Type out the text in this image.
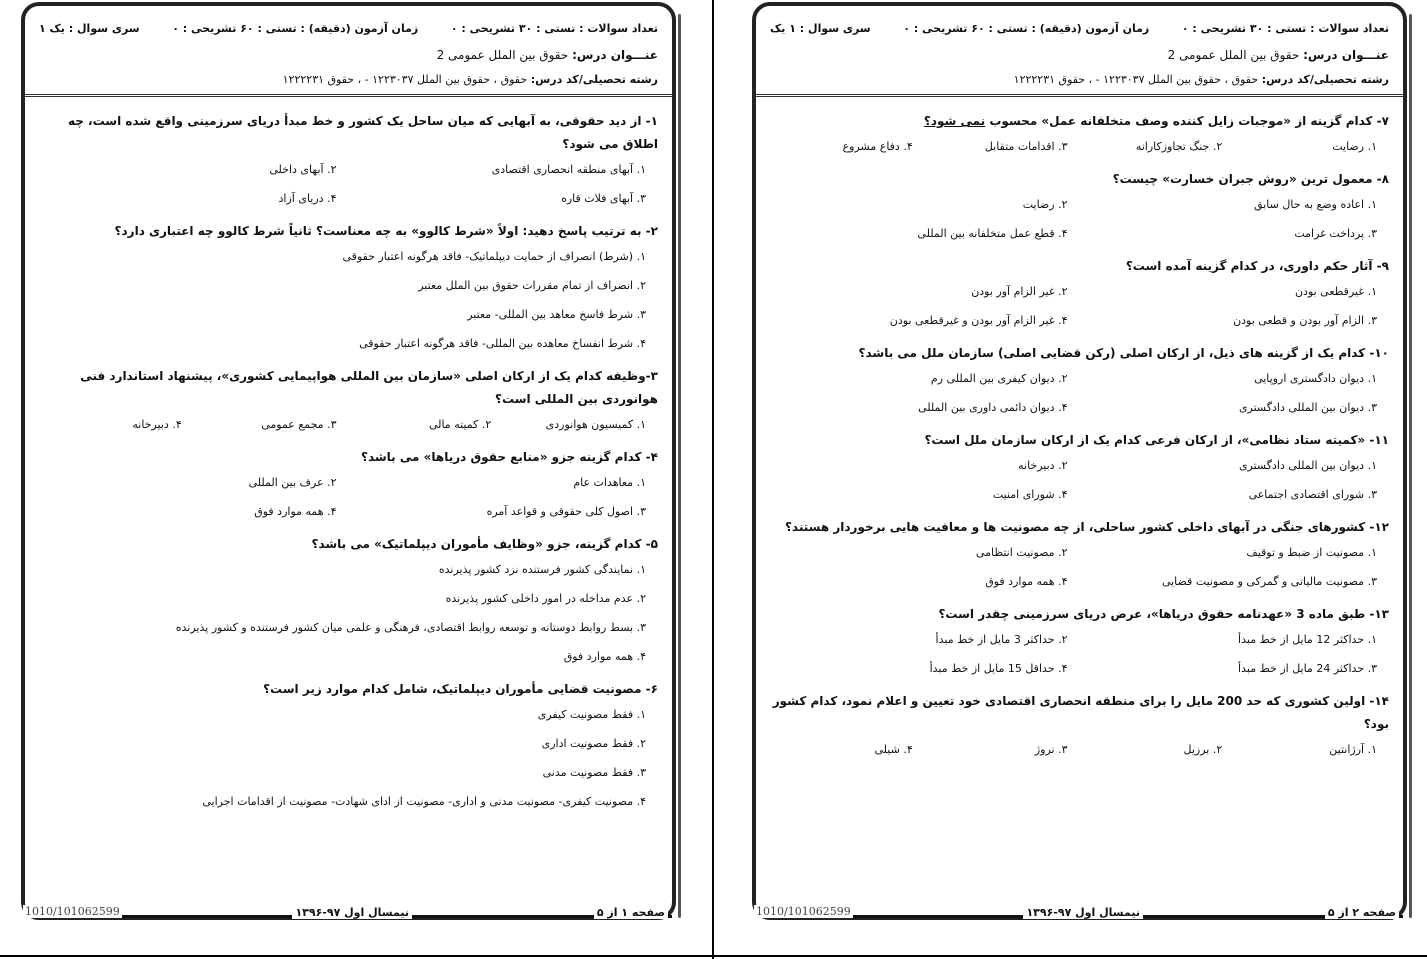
تعداد سوالات : تستی : ۳۰ تشریحی : ۰
زمان آزمون (دقیقه) : تستی : ۶۰ تشریحی : ۰
سری سوال : یک ۱
عنـــوان درس: حقوق بین الملل عمومی 2
رشته تحصیلی/کد درس: حقوق ، حقوق بین الملل ۱۲۲۳۰۳۷ - ، حقوق ۱۲۲۲۲۳۱
۱- از دید حقوقی، به آبهایی که میان ساحل یک کشور و خط مبدأ دریای سرزمینی واقع شده است، چه اطلاق می شود؟
۱. آبهای منطقه انحصاری اقتصادی
۲. آبهای داخلی
۳. آبهای فلات قاره
۴. دریای آزاد
۲- به ترتیب پاسخ دهید: اولاً «شرط کالوو» به چه معناست؟ ثانیاً شرط کالوو چه اعتباری دارد؟
۱. (شرط) انصراف از حمایت دیپلماتیک- فاقد هرگونه اعتبار حقوقی
۲. انصراف از تمام مقررات حقوق بین الملل معتبر
۳. شرط فاسخ معاهد بین المللی- معتبر
۴. شرط انفساخ معاهده بین المللی- فاقد هرگونه اعتبار حقوقی
۳-وظیفه کدام یک از ارکان اصلی «سازمان بین المللی هواپیمایی کشوری»، پیشنهاد استاندارد فنی هوانوردی بین المللی است؟
۱. کمیسیون هوانوردی
۲. کمیته مالی
۳. مجمع عمومی
۴. دبیرخانه
۴- کدام گزینه جزو «منابع حقوق دریاها» می باشد؟
۱. معاهدات عام
۲. عرف بین المللی
۳. اصول کلی حقوقی و قواعد آمره
۴. همه موارد فوق
۵- کدام گزینه، جزو «وظایف مأموران دیپلماتیک» می باشد؟
۱. نمایندگی کشور فرستنده نزد کشور پذیرنده
۲. عدم مداخله در امور داخلی کشور پذیرنده
۳. بسط روابط دوستانه و توسعه روابط اقتصادی، فرهنگی و علمی میان کشور فرستنده و کشور پذیرنده
۴. همه موارد فوق
۶- مصونیت قضایی مأموران دیپلماتیک، شامل کدام موارد زیر است؟
۱. فقط مصونیت کیفری
۲. فقط مصونیت اداری
۳. فقط مصونیت مدنی
۴. مصونیت کیفری- مصونیت مدنی و اداری- مصونیت از ادای شهادت- مصونیت از اقدامات اجرایی
صفحه ۱ از ۵
نیمسال اول ۹۷-۱۳۹۶
1010/101062599
تعداد سوالات : تستی : ۳۰ تشریحی : ۰
زمان آزمون (دقیقه) : تستی : ۶۰ تشریحی : ۰
سری سوال : ۱ یک
عنـــوان درس: حقوق بین الملل عمومی 2
رشته تحصیلی/کد درس: حقوق ، حقوق بین الملل ۱۲۲۳۰۳۷ - ، حقوق ۱۲۲۲۲۳۱
۷- کدام گزینه از «موجبات زایل کننده وصف متخلفانه عمل» محسوب نمی شود؟
۱. رضایت
۲. جنگ تجاوزکارانه
۳. اقدامات متقابل
۴. دفاع مشروع
۸- معمول ترین «روش جبران خسارت» چیست؟
۱. اعاده وضع به حال سابق
۲. رضایت
۳. پرداخت غرامت
۴. قطع عمل متخلفانه بین المللی
۹- آثار حکم داوری، در کدام گزینه آمده است؟
۱. غیرقطعی بودن
۲. غیر الزام آور بودن
۳. الزام آور بودن و قطعی بودن
۴. غیر الزام آور بودن و غیرقطعی بودن
۱۰- کدام یک از گزینه های ذیل، از ارکان اصلی (رکن قضایی اصلی) سازمان ملل می باشد؟
۱. دیوان دادگستری اروپایی
۲. دیوان کیفری بین المللی رم
۳. دیوان بین المللی دادگستری
۴. دیوان دائمی داوری بین المللی
۱۱- «کمیته ستاد نظامی»، از ارکان فرعی کدام یک از ارکان سازمان ملل است؟
۱. دیوان بین المللی دادگستری
۲. دبیرخانه
۳. شورای اقتصادی اجتماعی
۴. شورای امنیت
۱۲- کشورهای جنگی در آبهای داخلی کشور ساحلی، از چه مصونیت ها و معافیت هایی برخوردار هستند؟
۱. مصونیت از ضبط و توقیف
۲. مصونیت انتظامی
۳. مصونیت مالیاتی و گمرکی و مصونیت قضایی
۴. همه موارد فوق
۱۳- طبق ماده 3 «عهدنامه حقوق دریاها»، عرض دریای سرزمینی چقدر است؟
۱. حداکثر 12 مایل از خط مبدأ
۲. حداکثر 3 مایل از خط مبدأ
۳. حداکثر 24 مایل از خط مبدأ
۴. حداقل 15 مایل از خط مبدأ
۱۴- اولین کشوری که حد 200 مایل را برای منطقه انحصاری اقتصادی خود تعیین و اعلام نمود، کدام کشور بود؟
۱. آرژانتین
۲. برزیل
۳. نروژ
۴. شیلی
صفحه ۲ از ۵
نیمسال اول ۹۷-۱۳۹۶
1010/101062599
